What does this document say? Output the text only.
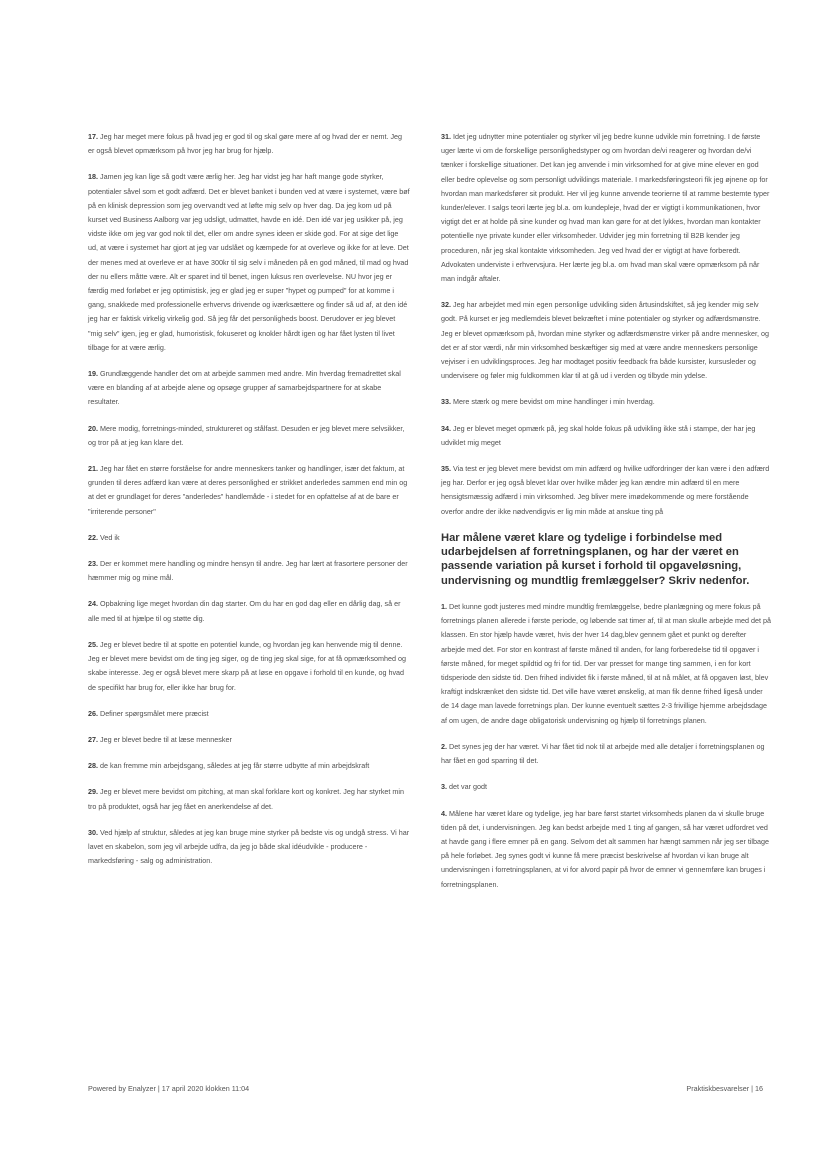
17. Jeg har meget mere fokus på hvad jeg er god til og skal gøre mere af og hvad der er nemt. Jeg er også blevet opmærksom på hvor jeg har brug for hjælp.

18. Jamen jeg kan lige så godt være ærlig her. Jeg har vidst jeg har haft mange gode styrker, potentialer såvel som et godt adfærd. Det er blevet banket i bunden ved at være i systemet, være bøf på en klinisk depression som jeg overvandt ved at løfte mig selv op hver dag. Da jeg kom ud på kurset ved Business Aalborg var jeg udsligt, udmattet, havde en idé. Den idé var jeg usikker på, jeg vidste ikke om jeg var god nok til det, eller om andre synes ideen er skide god. For at sige det lige ud, at være i systemet har gjort at jeg var udslået og kæmpede for at overleve og ikke for at leve. Det der menes med at overleve er at have 300kr til sig selv i måneden på en god måned, til mad og hvad der nu ellers måtte være. Alt er sparet ind til benet, ingen luksus ren overlevelse. NU hvor jeg er færdig med forløbet er jeg optimistisk, jeg er glad jeg er super "hypet og pumped" for at komme i gang, snakkede med professionelle erhvervs drivende og iværksættere og finder så ud af, at den idé jeg har er faktisk virkelig virkelig god. Så jeg får det personligheds boost. Derudover er jeg blevet "mig selv" igen, jeg er glad, humoristisk, fokuseret og knokler hårdt igen og har fået lysten til livet tilbage for at være ærlig.

19. Grundlæggende handler det om at arbejde sammen med andre. Min hverdag fremadrettet skal være en blanding af at arbejde alene og opsøge grupper af samarbejdspartnere for at skabe resultater.

20. Mere modig, forretnings-minded, struktureret og stålfast. Desuden er jeg blevet mere selvsikker, og tror på at jeg kan klare det.

21. Jeg har fået en større forståelse for andre menneskers tanker og handlinger, især det faktum, at grunden til deres adfærd kan være at deres personlighed er strikket anderledes sammen end min og at det er grundlaget for deres "anderledes" handlemåde - i stedet for en opfattelse af at de bare er "irriterende personer"

22. Ved ik

23. Der er kommet mere handling og mindre hensyn til andre. Jeg har lært at frasortere personer der hæmmer mig og mine mål.

24. Opbakning lige meget hvordan din dag starter. Om du har en god dag eller en dårlig dag, så er alle med til at hjælpe til og støtte dig.

25. Jeg er blevet bedre til at spotte en potentiel kunde, og hvordan jeg kan henvende mig til denne. Jeg er blevet mere bevidst om de ting jeg siger, og de ting jeg skal sige, for at få opmærksomhed og skabe interesse. Jeg er også blevet mere skarp på at løse en opgave i forhold til en kunde, og hvad de specifikt har brug for, eller ikke har brug for.

26. Definer spørgsmålet mere præcist

27. Jeg er blevet bedre til at læse mennesker

28. de kan fremme min arbejdsgang, således at jeg får større udbytte af min arbejdskraft

29. Jeg er blevet mere bevidst om pitching, at man skal forklare kort og konkret. Jeg har styrket min tro på produktet, også har jeg fået en anerkendelse af det.

30. Ved hjælp af struktur, således at jeg kan bruge mine styrker på bedste vis og undgå stress. Vi har lavet en skabelon, som jeg vil arbejde udfra, da jeg jo både skal idéudvikle - producere - markedsføring - salg og administration.

31. Idet jeg udnytter mine potentialer og styrker vil jeg bedre kunne udvikle min forretning. I de første uger lærte vi om de forskellige personlighedstyper og om hvordan de/vi reagerer og hvordan de/vi tænker i forskellige situationer. Det kan jeg anvende i min virksomhed for at give mine elever en god eller bedre oplevelse og som personligt udviklings materiale. I markedsføringsteori fik jeg øjnene op for hvordan man markedsfører sit produkt. Her vil jeg kunne anvende teorierne til at ramme bestemte typer kunder/elever. I salgs teori lærte jeg bl.a. om kundepleje, hvad der er vigtigt i kommunikationen, hvor vigtigt det er at holde på sine kunder og hvad man kan gøre for at det lykkes, hvordan man kontakter potentielle nye private kunder eller virksomheder. Udvider jeg min forretning til B2B kender jeg proceduren, når jeg skal kontakte virksomheden. Jeg ved hvad der er vigtigt at have forberedt. Advokaten underviste i erhvervsjura. Her lærte jeg bl.a. om hvad man skal være opmærksom på når man indgår aftaler.

32. Jeg har arbejdet med min egen personlige udvikling siden årtusindskiftet, så jeg kender mig selv godt. På kurset er jeg medlemdeis blevet bekræftet i mine potentialer og styrker og adfærdsmønstre. Jeg er blevet opmærksom på, hvordan mine styrker og adfærdsmønstre virker på andre mennesker, og det er af stor værdi, når min virksomhed beskæftiger sig med at være andre menneskers personlige vejviser i en udviklingsproces. Jeg har modtaget positiv feedback fra både kursister, kursusleder og undervisere og føler mig fuldkommen klar til at gå ud i verden og tilbyde min ydelse.

33. Mere stærk og mere bevidst om mine handlinger i min hverdag.

34. Jeg er blevet meget opmærk på, jeg skal holde fokus på udvikling ikke stå i stampe, der har jeg udviklet mig meget

35. Via test er jeg blevet mere bevidst om min adfærd og hvilke udfordringer der kan være i den adfærd jeg har. Derfor er jeg også blevet klar over hvilke måder jeg kan ændre min adfærd til en mere hensigtsmæssig adfærd i min virksomhed. Jeg bliver mere imødekommende og mere forstående overfor andre der ikke nødvendigvis er lig min måde at anskue ting på

Har målene været klare og tydelige i forbindelse med udarbejdelsen af forretningsplanen, og har der været en passende variation på kurset i forhold til opgaveløsning, undervisning og mundtlig fremlæggelser? Skriv nedenfor.

1. Det kunne godt justeres med mindre mundtlig fremlæggelse, bedre planlægning og mere fokus på forretnings planen allerede i første periode, og løbende sat timer af, til at man skulle arbejde med det på klassen. En stor hjælp havde været, hvis der hver 14 dag,blev gennem gået et punkt og derefter arbejde med det. For stor en kontrast af første måned til anden, for lang forberedelse tid til opgaver i første måned, for meget spildtid og fri for tid. Der var presset for mange ting sammen, i en for kort tidsperiode den sidste tid. Den frihed individet fik i første måned, til at nå målet, at få opgaven løst, blev kraftigt indskrænket den sidste tid. Det ville have været ønskelig, at man fik denne frihed ligeså under de 14 dage man lavede forretnings plan. Der kunne eventuelt sættes 2-3 frivillige hjemme arbejdsdage af om ugen, de andre dage obligatorisk undervisning og hjælp til forretnings planen.

2. Det synes jeg der har været. Vi har fået tid nok til at arbejde med alle detaljer i forretningsplanen og har fået en god sparring til det.

3. det var godt

4. Målene har været klare og tydelige, jeg har bare først startet virksomheds planen da vi skulle bruge tiden på det, i undervisningen. Jeg kan bedst arbejde med 1 ting af gangen, så har været udfordret ved at havde gang i flere emner på en gang. Selvom det alt sammen har hængt sammen når jeg ser tilbage på hele forløbet. Jeg synes godt vi kunne få mere præcist beskrivelse af hvordan vi kan bruge alt undervisningen i forretningsplanen, at vi for alvord papir på hvor de emner vi gennemføre kan bruges i forretningsplanen.

Powered by Enalyzer | 17 april 2020 klokken 11:04	Praktiskbesvarelser | 16
